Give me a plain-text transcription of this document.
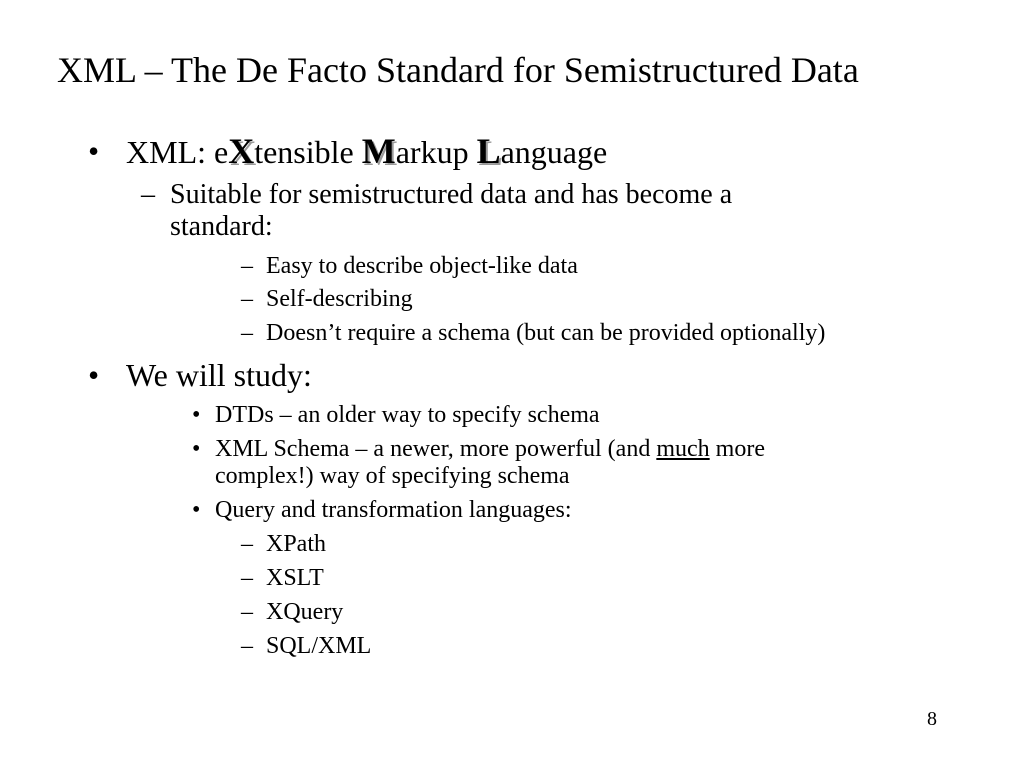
XML – The De Facto Standard for Semistructured Data
• XML: eXtensible Markup Language
– Suitable for semistructured data and has become a
standard:
– Easy to describe object-like data
– Self-describing
– Doesn’t require a schema (but can be provided optionally)
• We will study:
• DTDs – an older way to specify schema
• XML Schema – a newer, more powerful (and much more
complex!) way of specifying schema
• Query and transformation languages:
– XPath
– XSLT
– XQuery
– SQL/XML
8
